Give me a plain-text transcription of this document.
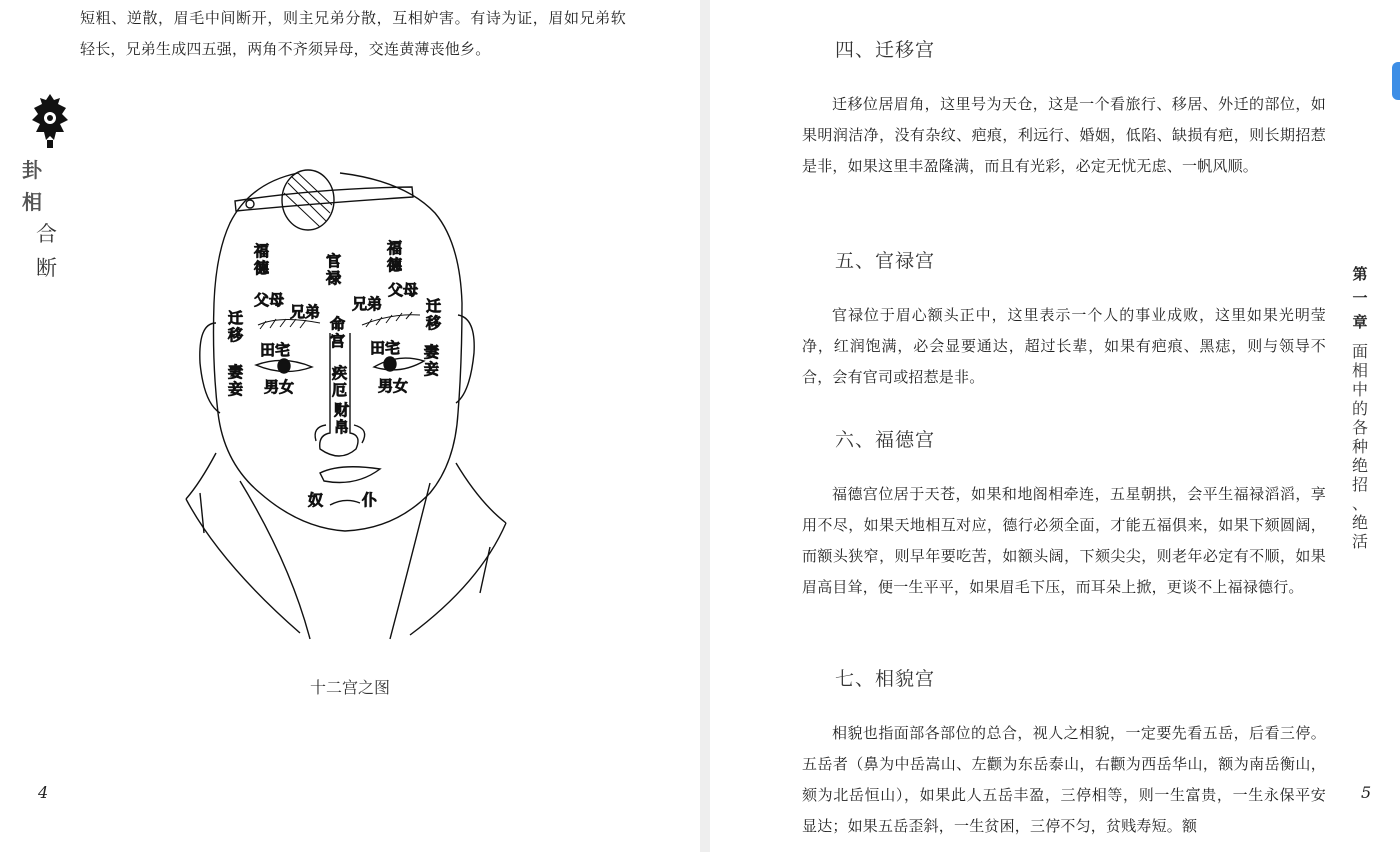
短粗、逆散，眉毛中间断开，则主兄弟分散，互相妒害。有诗为证，眉如兄弟软轻长，兄弟生成四五强，两角不齐须异母，交连黄薄丧他乡。

卦
相
合
断
福德	官禄
福德
父母
兄弟 兄弟
父母
迁移
迁移
命宫
田宅	田宅
妻妾
妻妾
男女	男女
疾厄
财帛
奴	仆
十二宫之图
4
四、迁移宫

迁移位居眉角，这里号为天仓，这是一个看旅行、移居、外迁的部位，如果明润洁净，没有杂纹、疤痕，利远行、婚姻，低陷、缺损有疤，则长期招惹是非，如果这里丰盈隆满，而且有光彩，必定无忧无虑、一帆风顺。

五、官禄宫

官禄位于眉心额头正中，这里表示一个人的事业成败，这里如果光明莹净，红润饱满，必会显要通达，超过长辈，如果有疤痕、黑痣，则与领导不合，会有官司或招惹是非。

六、福德宫

福德宫位居于天苍，如果和地阁相牵连，五星朝拱，会平生福禄滔滔，享用不尽，如果天地相互对应，德行必须全面，才能五福俱来，如果下颏圆阔，而额头狭窄，则早年要吃苦，如额头阔，下颏尖尖，则老年必定有不顺，如果眉高目耸，便一生平平，如果眉毛下压，而耳朵上掀，更谈不上福禄德行。

七、相貌宫

相貌也指面部各部位的总合，视人之相貌，一定要先看五岳，后看三停。五岳者（鼻为中岳嵩山、左颧为东岳泰山，右颧为西岳华山，额为南岳衡山，颏为北岳恒山），如果此人五岳丰盈，三停相等，则一生富贵，一生永保平安显达；如果五岳歪斜，一生贫困，三停不匀，贫贱寿短。额

5
第
一
章
面
相
中
的
各
种
绝
招
、
绝
活
